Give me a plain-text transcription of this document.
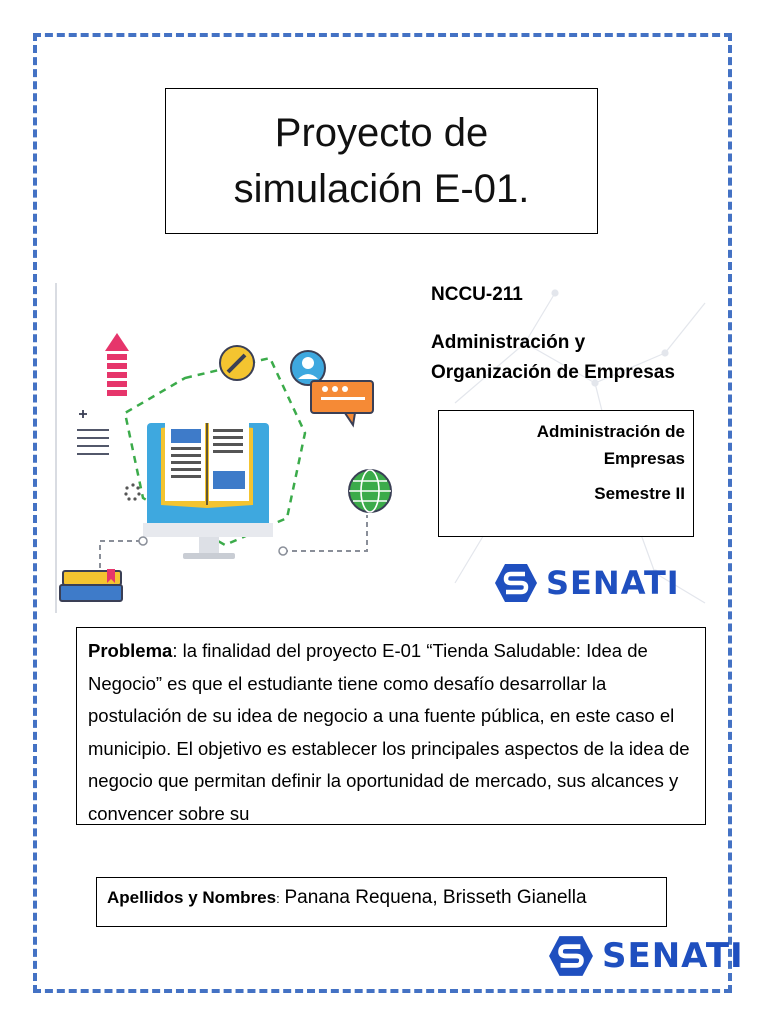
Proyecto de
simulación E-01.
NCCU-211
Administración y
Organización de Empresas
Administración de
Empresas
Semestre II
SENATI
Problema: la finalidad del proyecto E-01 “Tienda Saludable: Idea de Negocio” es que el estudiante tiene como desafío desarrollar la postulación de su idea de negocio a una fuente pública, en este caso el municipio. El objetivo es establecer los principales aspectos de la idea de negocio que permitan definir la oportunidad de mercado, sus alcances y convencer sobre su
Apellidos y Nombres: Panana Requena, Brisseth Gianella
SENATI
